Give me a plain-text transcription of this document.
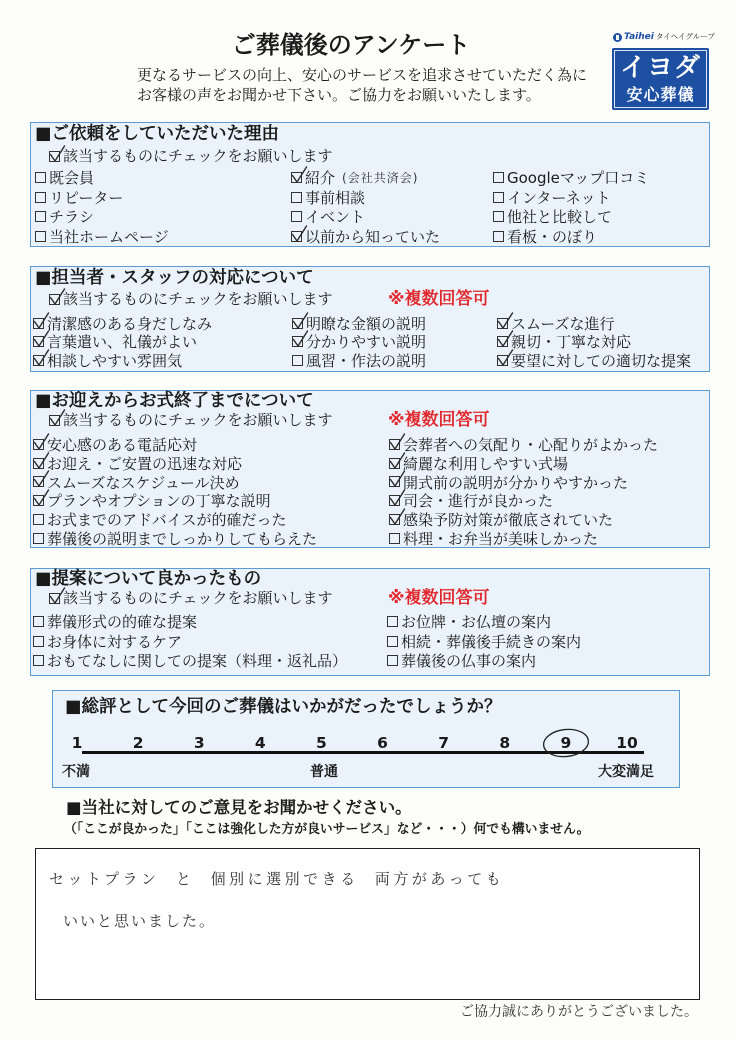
ご葬儀後のアンケート
更なるサービスの向上、安心のサービスを追求させていただく為に
お客様の声をお聞かせ下さい。ご協力をお願いいたします。
Taihei タイヘイグループ
イヨダ
安心葬儀
■ご依頼をしていただいた理由
該当するものにチェックをお願いします
既会員
リピーター
チラシ
当社ホームページ
紹介 (会社共済会)
事前相談
イベント
以前から知っていた
Googleマップ口コミ
インターネット
他社と比較して
看板・のぼり
■担当者・スタッフの対応について
該当するものにチェックをお願いします	※複数回答可
清潔感のある身だしなみ
言葉遣い、礼儀がよい
相談しやすい雰囲気
明瞭な金額の説明
分かりやすい説明
風習・作法の説明
スムーズな進行
親切・丁寧な対応
要望に対しての適切な提案
■お迎えからお式終了までについて
該当するものにチェックをお願いします	※複数回答可
安心感のある電話応対
お迎え・ご安置の迅速な対応
スムーズなスケジュール決め
プランやオプションの丁寧な説明
お式までのアドバイスが的確だった
葬儀後の説明までしっかりしてもらえた
会葬者への気配り・心配りがよかった
綺麗な利用しやすい式場
開式前の説明が分かりやすかった
司会・進行が良かった
感染予防対策が徹底されていた
料理・お弁当が美味しかった
■提案について良かったもの
該当するものにチェックをお願いします	※複数回答可
葬儀形式の的確な提案
お身体に対するケア
おもてなしに関しての提案（料理・返礼品）
お位牌・お仏壇の案内
相続・葬儀後手続きの案内
葬儀後の仏事の案内
■総評として今回のご葬儀はいかがだったでしょうか？
1	2	3	4	5	6	7	8	9	10
不満	普通	大変満足
■当社に対してのご意見をお聞かせください。
（「ここが良かった」「ここは強化した方が良いサービス」など・・・）何でも構いません。
セットプラン と 個別に選別できる 両方があっても
いいと思いました。
ご協力誠にありがとうございました。
